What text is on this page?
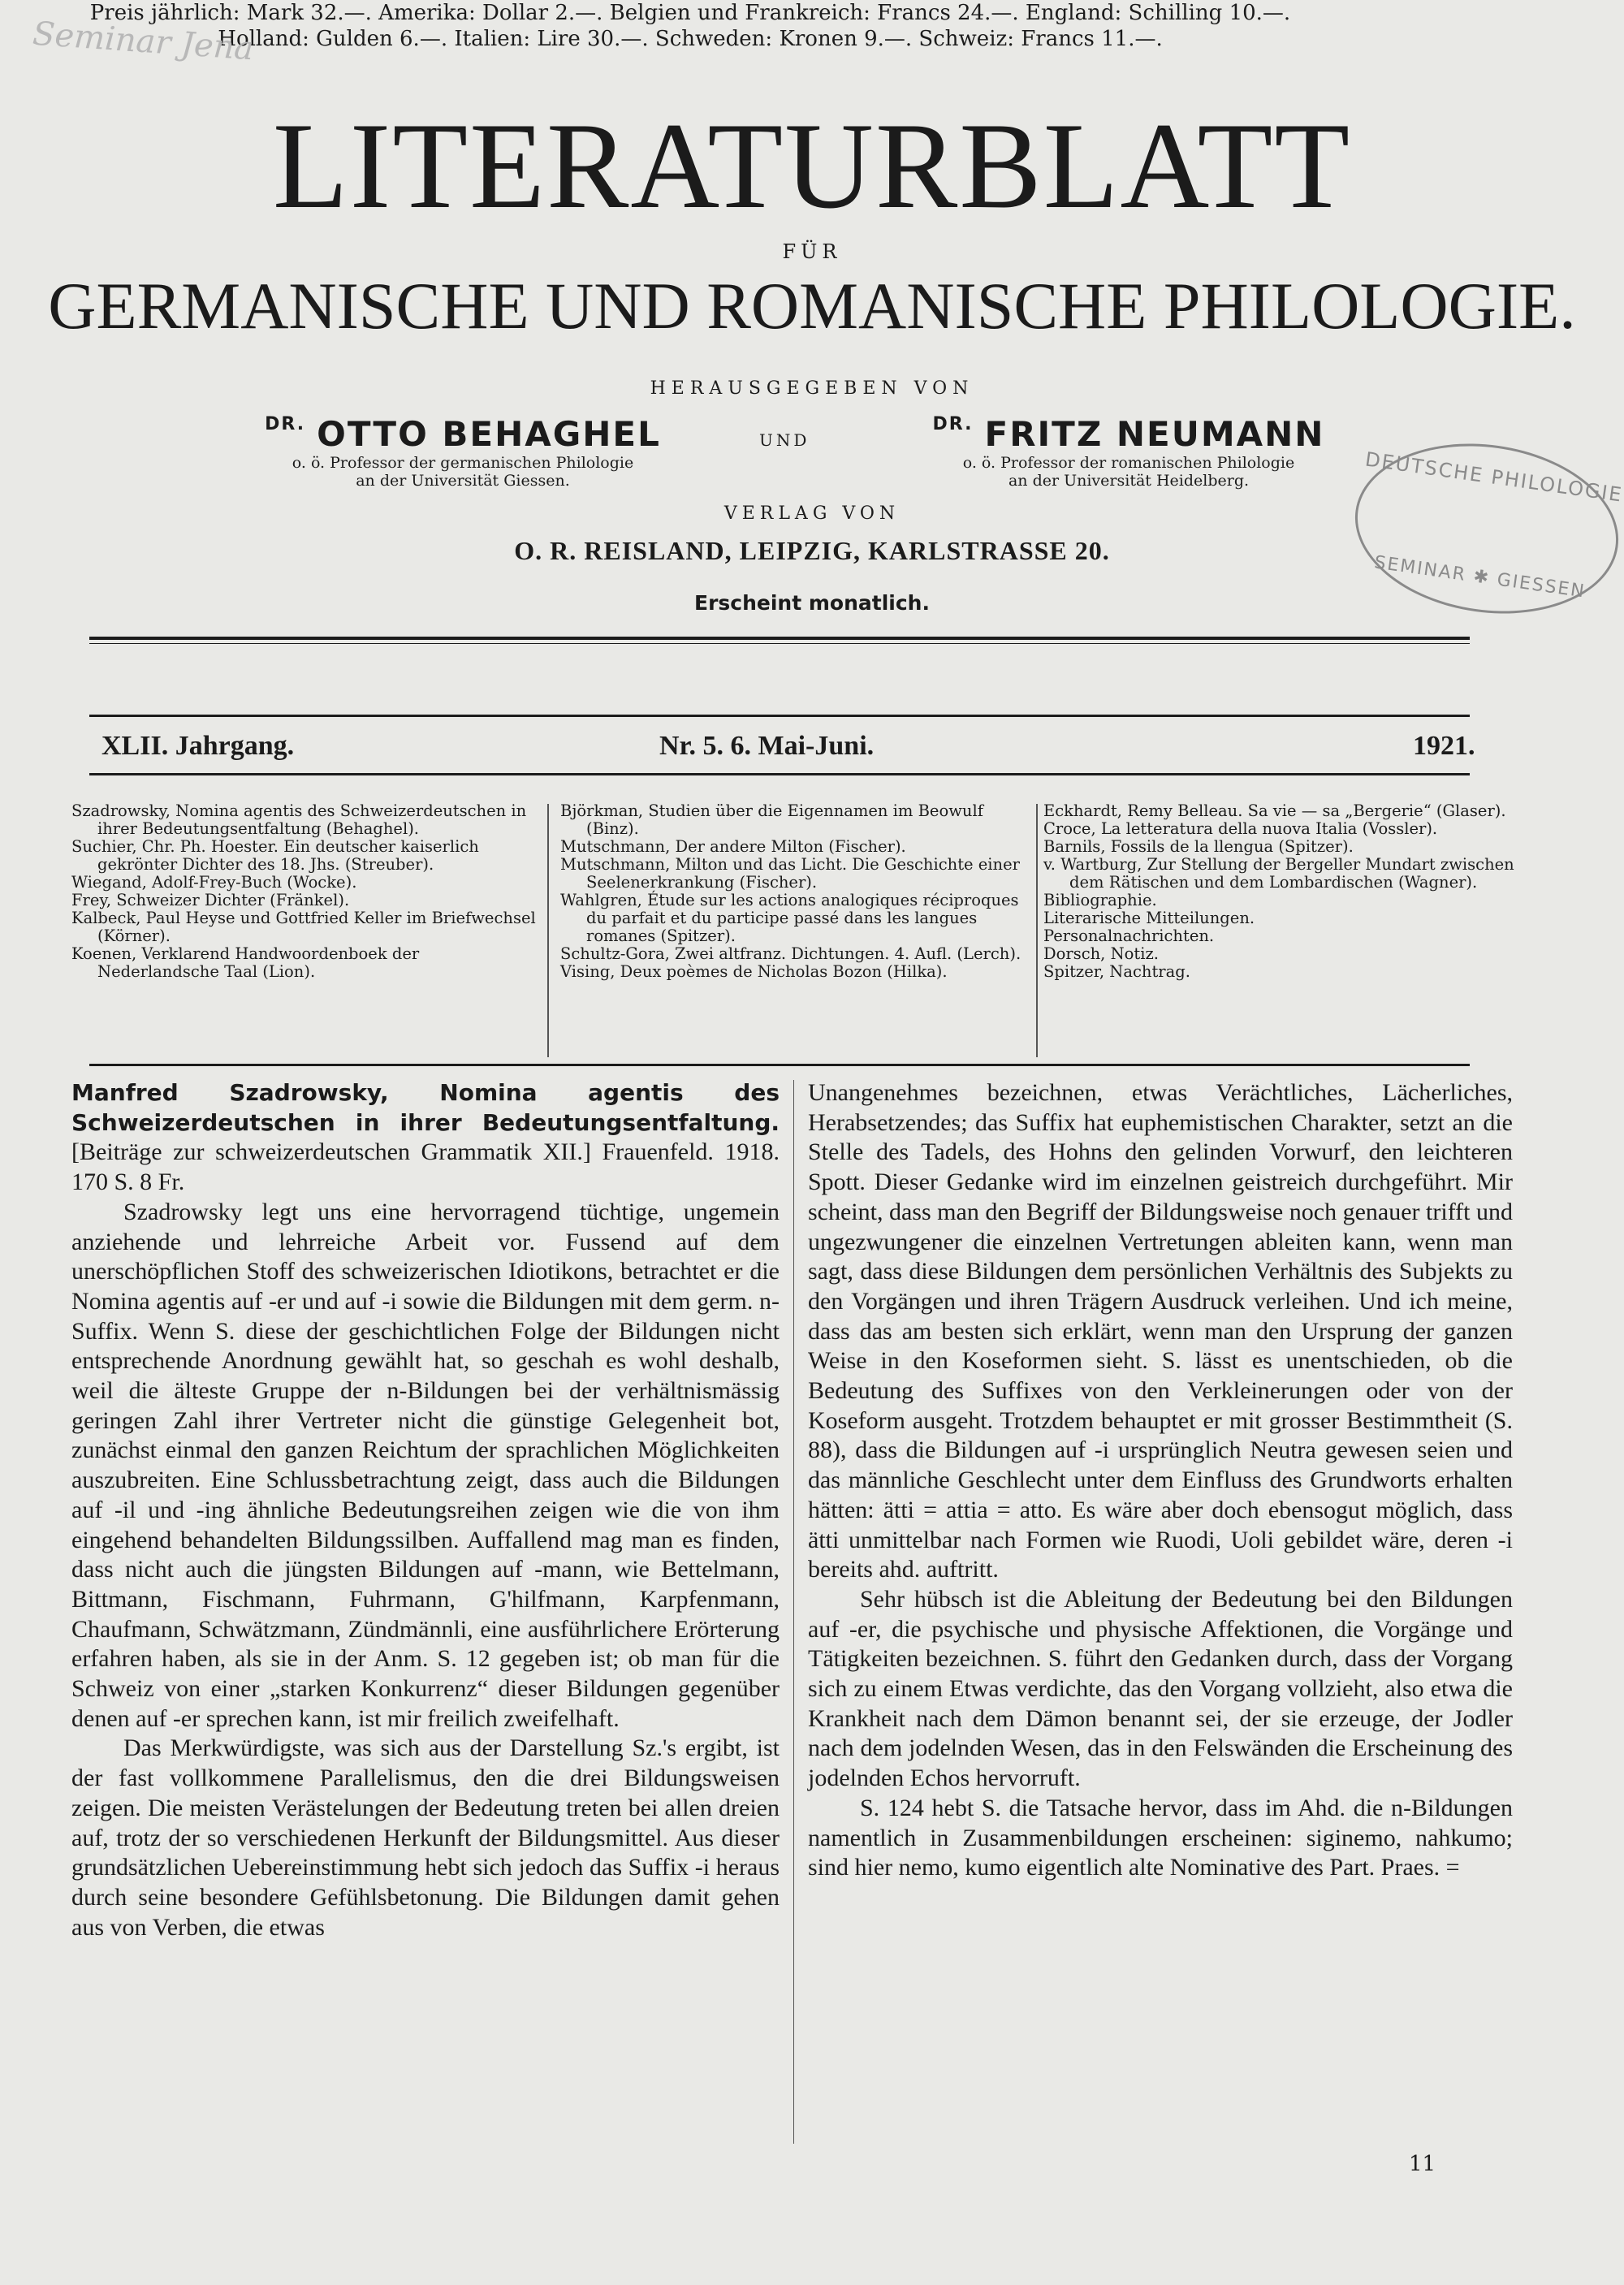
Seminar Jena
LITERATURBLATT
FÜR
GERMANISCHE UND ROMANISCHE PHILOLOGIE.
HERAUSGEGEBEN VON
$^{DR.}$ OTTO BEHAGHEL
o. ö. Professor der germanischen Philologie
an der Universität Giessen.
UND
$^{DR.}$ FRITZ NEUMANN
o. ö. Professor der romanischen Philologie
an der Universität Heidelberg.	DEUTSCHE PHILOLOGIE
SEMINAR ✱ GIESSEN
VERLAG VON
O. R. REISLAND, LEIPZIG, KARLSTRASSE 20.
Erscheint monatlich.
Preis jährlich: Mark 32.—. Amerika: Dollar 2.—. Belgien und Frankreich: Francs 24.—. England: Schilling 10.—.
Holland: Gulden 6.—. Italien: Lire 30.—. Schweden: Kronen 9.—. Schweiz: Francs 11.—.
XLII. Jahrgang.	Nr. 5. 6. Mai-Juni.	1921.

Szadrowsky, Nomina agentis des Schweizerdeutschen in ihrer Bedeutungsentfaltung (Behaghel).

Suchier, Chr. Ph. Hoester. Ein deutscher kaiserlich gekrönter Dichter des 18. Jhs. (Streuber).

Wiegand, Adolf-Frey-Buch (Wocke).

Frey, Schweizer Dichter (Fränkel).

Kalbeck, Paul Heyse und Gottfried Keller im Briefwechsel (Körner).

Koenen, Verklarend Handwoordenboek der Nederlandsche Taal (Lion).

Björkman, Studien über die Eigennamen im Beowulf (Binz).

Mutschmann, Der andere Milton (Fischer).

Mutschmann, Milton und das Licht. Die Geschichte einer Seelenerkrankung (Fischer).

Wahlgren, Étude sur les actions analogiques réciproques du parfait et du participe passé dans les langues romanes (Spitzer).

Schultz-Gora, Zwei altfranz. Dichtungen. 4. Aufl. (Lerch).

Vising, Deux poèmes de Nicholas Bozon (Hilka).

Eckhardt, Remy Belleau. Sa vie — sa „Bergerie“ (Glaser).

Croce, La letteratura della nuova Italia (Vossler).

Barnils, Fossils de la llengua (Spitzer).

v. Wartburg, Zur Stellung der Bergeller Mundart zwischen dem Rätischen und dem Lombardischen (Wagner).

Bibliographie.

Literarische Mitteilungen.

Personalnachrichten.

Dorsch, Notiz.

Spitzer, Nachtrag.

Manfred Szadrowsky, Nomina agentis des Schweizerdeutschen in ihrer Bedeutungsentfaltung. [Beiträge zur schweizerdeutschen Grammatik XII.] Frauenfeld. 1918. 170 S. 8 Fr.

Szadrowsky legt uns eine hervorragend tüchtige, ungemein anziehende und lehrreiche Arbeit vor. Fussend auf dem unerschöpflichen Stoff des schweizerischen Idiotikons, betrachtet er die Nomina agentis auf -er und auf -i sowie die Bildungen mit dem germ. n-Suffix. Wenn S. diese der geschichtlichen Folge der Bildungen nicht entsprechende Anordnung gewählt hat, so geschah es wohl deshalb, weil die älteste Gruppe der n-Bildungen bei der verhältnismässig geringen Zahl ihrer Vertreter nicht die günstige Gelegenheit bot, zunächst einmal den ganzen Reichtum der sprachlichen Möglichkeiten auszubreiten. Eine Schlussbetrachtung zeigt, dass auch die Bildungen auf -il und -ing ähnliche Bedeutungsreihen zeigen wie die von ihm eingehend behandelten Bildungssilben. Auffallend mag man es finden, dass nicht auch die jüngsten Bildungen auf -mann, wie Bettelmann, Bittmann, Fischmann, Fuhrmann, G'hilfmann, Karpfenmann, Chaufmann, Schwätzmann, Zündmännli, eine ausführlichere Erörterung erfahren haben, als sie in der Anm. S. 12 gegeben ist; ob man für die Schweiz von einer „starken Konkurrenz“ dieser Bildungen gegenüber denen auf -er sprechen kann, ist mir freilich zweifelhaft.

Das Merkwürdigste, was sich aus der Darstellung Sz.'s ergibt, ist der fast vollkommene Parallelismus, den die drei Bildungsweisen zeigen. Die meisten Verästelungen der Bedeutung treten bei allen dreien auf, trotz der so verschiedenen Herkunft der Bildungsmittel. Aus dieser grundsätzlichen Uebereinstimmung hebt sich jedoch das Suffix -i heraus durch seine besondere Gefühlsbetonung. Die Bildungen damit gehen aus von Verben, die etwas

Unangenehmes bezeichnen, etwas Verächtliches, Lächerliches, Herabsetzendes; das Suffix hat euphemistischen Charakter, setzt an die Stelle des Tadels, des Hohns den gelinden Vorwurf, den leichteren Spott. Dieser Gedanke wird im einzelnen geistreich durchgeführt. Mir scheint, dass man den Begriff der Bildungsweise noch genauer trifft und ungezwungener die einzelnen Vertretungen ableiten kann, wenn man sagt, dass diese Bildungen dem persönlichen Verhältnis des Subjekts zu den Vorgängen und ihren Trägern Ausdruck verleihen. Und ich meine, dass das am besten sich erklärt, wenn man den Ursprung der ganzen Weise in den Koseformen sieht. S. lässt es unentschieden, ob die Bedeutung des Suffixes von den Verkleinerungen oder von der Koseform ausgeht. Trotzdem behauptet er mit grosser Bestimmtheit (S. 88), dass die Bildungen auf -i ursprünglich Neutra gewesen seien und das männliche Geschlecht unter dem Einfluss des Grundworts erhalten hätten: ätti = attia = atto. Es wäre aber doch ebensogut möglich, dass ätti unmittelbar nach Formen wie Ruodi, Uoli gebildet wäre, deren -i bereits ahd. auftritt.

Sehr hübsch ist die Ableitung der Bedeutung bei den Bildungen auf -er, die psychische und physische Affektionen, die Vorgänge und Tätigkeiten bezeichnen. S. führt den Gedanken durch, dass der Vorgang sich zu einem Etwas verdichte, das den Vorgang vollzieht, also etwa die Krankheit nach dem Dämon benannt sei, der sie erzeuge, der Jodler nach dem jodelnden Wesen, das in den Felswänden die Erscheinung des jodelnden Echos hervorruft.

S. 124 hebt S. die Tatsache hervor, dass im Ahd. die n-Bildungen namentlich in Zusammenbildungen erscheinen: siginemo, nahkumo; sind hier nemo, kumo eigentlich alte Nominative des Part. Praes. =

11
